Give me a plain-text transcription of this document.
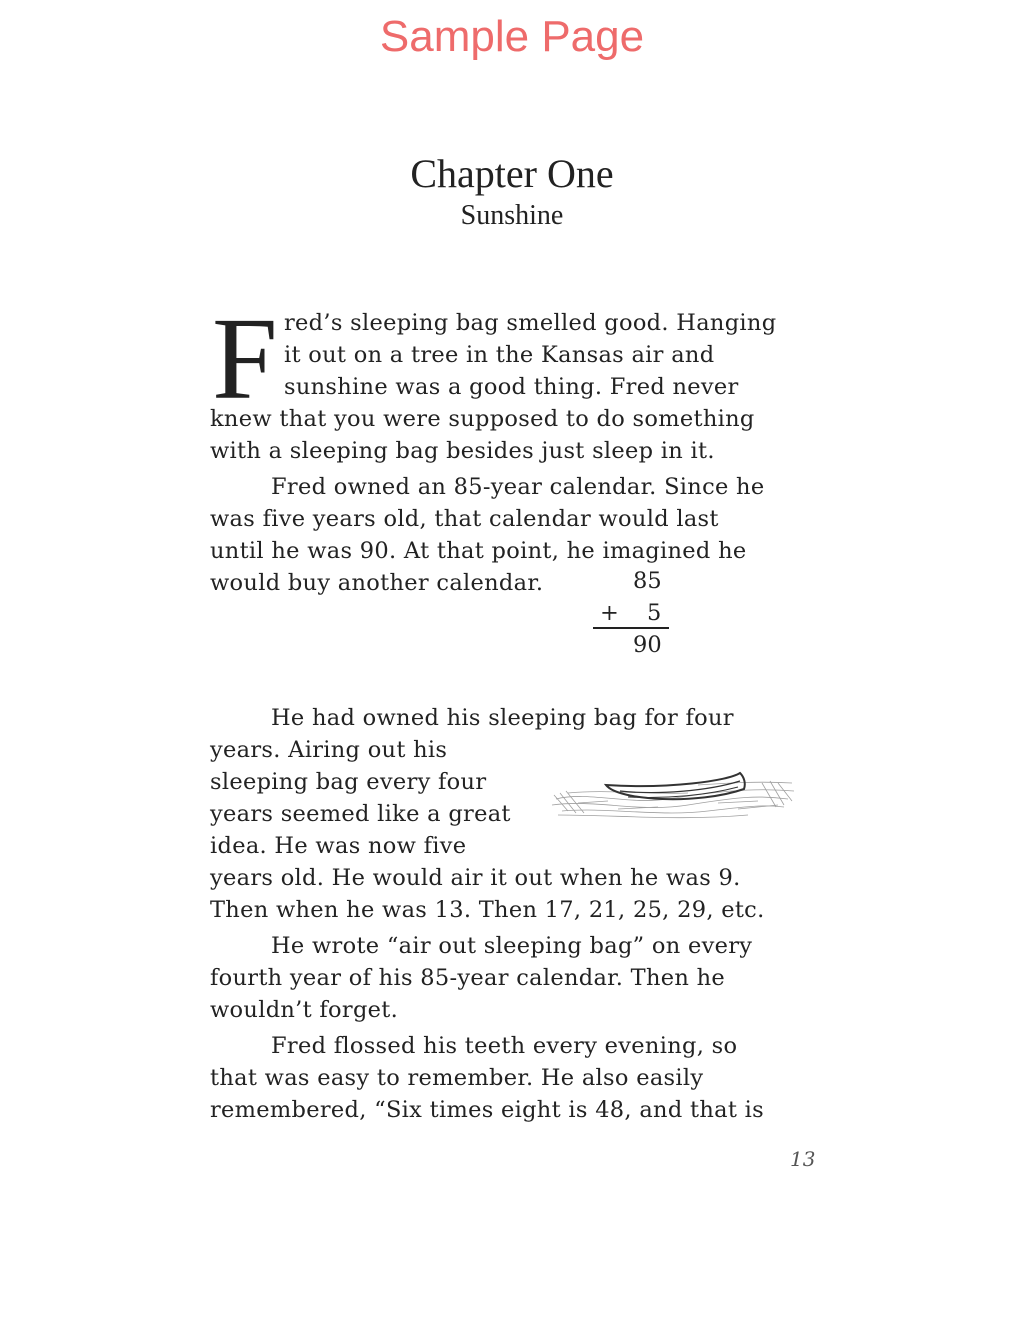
Sample Page
Chapter One
Sunshine
F red’s sleeping bag smelled good. Hanging
it out on a tree in the Kansas air and
sunshine was a good thing. Fred never
knew that you were supposed to do something
with a sleeping bag besides just sleep in it.
Fred owned an 85-year calendar. Since he
was five years old, that calendar would last
until he was 90. At that point, he imagined he
would buy another calendar.	85
+ 5
90
He had owned his sleeping bag for four
years. Airing out his
sleeping bag every four
years seemed like a great
idea. He was now five
years old. He would air it out when he was 9.
Then when he was 13. Then 17, 21, 25, 29, etc.
He wrote “air out sleeping bag” on every
fourth year of his 85-year calendar. Then he
wouldn’t forget.
Fred flossed his teeth every evening, so
that was easy to remember. He also easily
remembered, “Six times eight is 48, and that is
13
